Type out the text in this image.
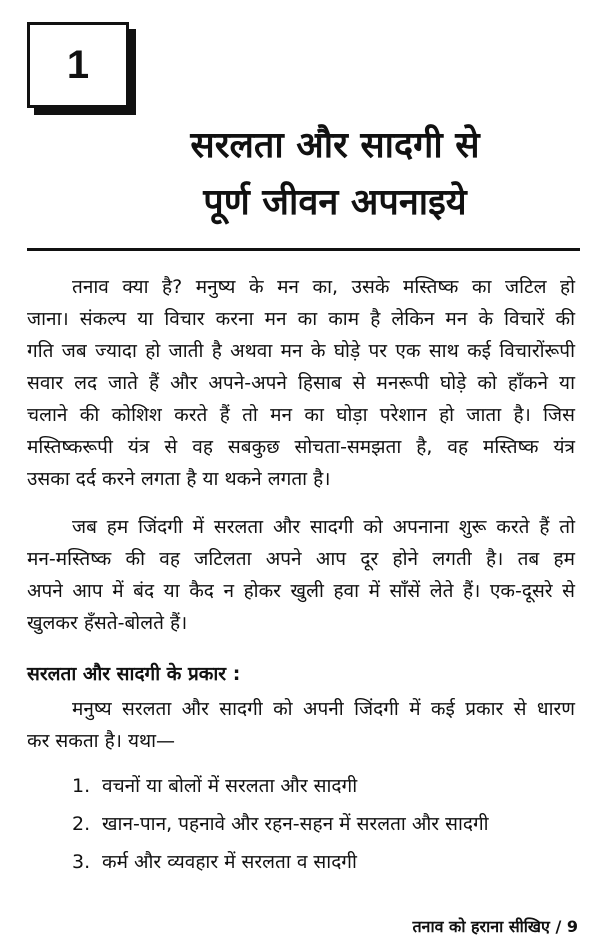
1
सरलता और सादगी से
पूर्ण जीवन अपनाइये
तनाव क्या है? मनुष्य के मन का, उसके मस्तिष्क का जटिल हो
जाना। संकल्प या विचार करना मन का काम है लेकिन मन के विचारें की
गति जब ज्यादा हो जाती है अथवा मन के घोड़े पर एक साथ कई विचारोंरूपी
सवार लद जाते हैं और अपने-अपने हिसाब से मनरूपी घोड़े को हाँकने या
चलाने की कोशिश करते हैं तो मन का घोड़ा परेशान हो जाता है। जिस
मस्तिष्करूपी यंत्र से वह सबकुछ सोचता-समझता है, वह मस्तिष्क यंत्र
उसका दर्द करने लगता है या थकने लगता है।
जब हम जिंदगी में सरलता और सादगी को अपनाना शुरू करते हैं तो
मन-मस्तिष्क की वह जटिलता अपने आप दूर होने लगती है। तब हम
अपने आप में बंद या कैद न होकर खुली हवा में साँसें लेते हैं। एक-दूसरे से
खुलकर हँसते-बोलते हैं।
सरलता और सादगी के प्रकार :
मनुष्य सरलता और सादगी को अपनी जिंदगी में कई प्रकार से धारण
कर सकता है। यथा—
1. वचनों या बोलों में सरलता और सादगी
2. खान-पान, पहनावे और रहन-सहन में सरलता और सादगी
3. कर्म और व्यवहार में सरलता व सादगी
तनाव को हराना सीखिए / 9
